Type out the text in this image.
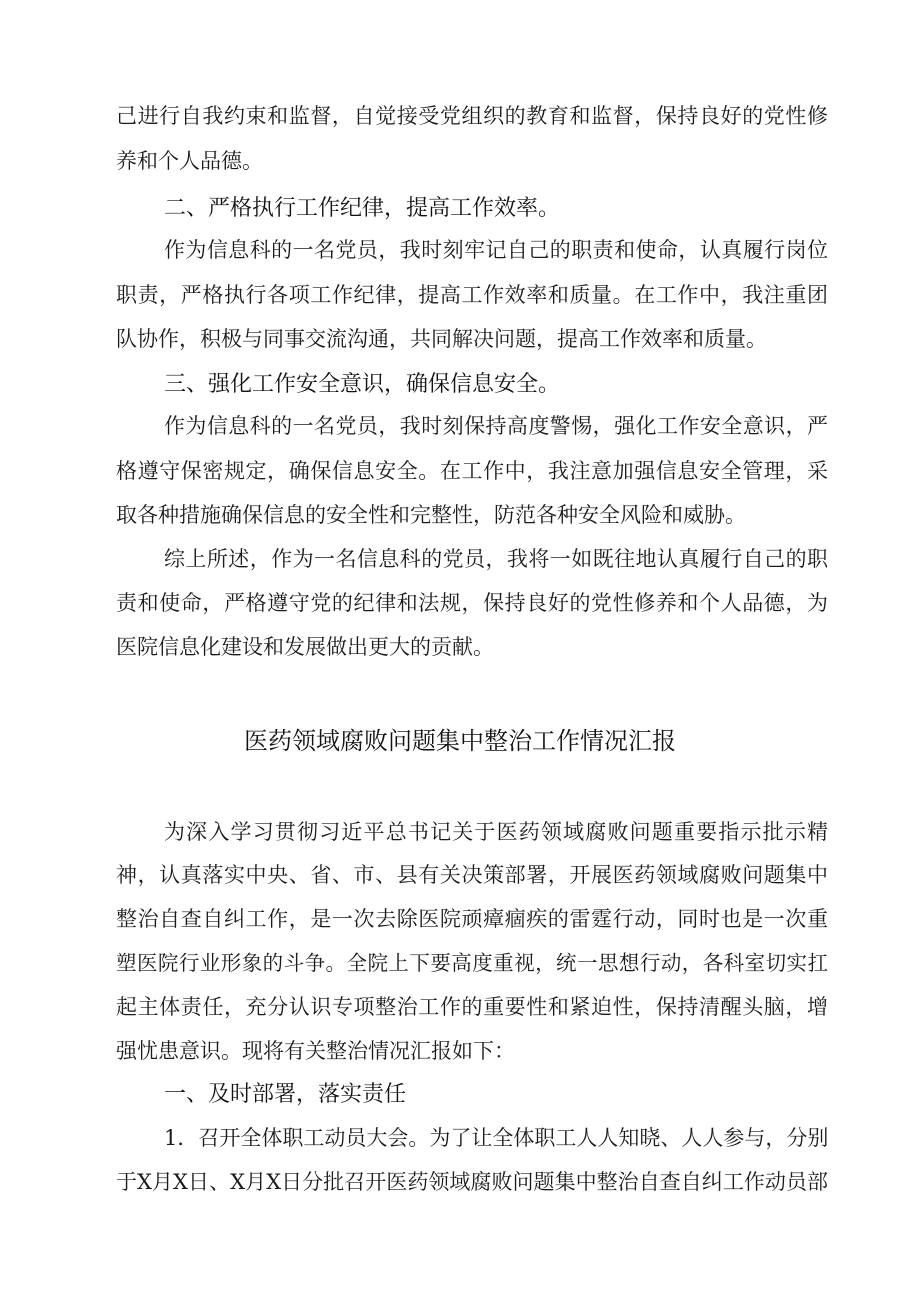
己进行自我约束和监督，自觉接受党组织的教育和监督，保持良好的党性修
养和个人品德。
二、严格执行工作纪律，提高工作效率。
作为信息科的一名党员，我时刻牢记自己的职责和使命，认真履行岗位
职责，严格执行各项工作纪律，提高工作效率和质量。在工作中，我注重团
队协作，积极与同事交流沟通，共同解决问题，提高工作效率和质量。
三、强化工作安全意识，确保信息安全。
作为信息科的一名党员，我时刻保持高度警惕，强化工作安全意识，严
格遵守保密规定，确保信息安全。在工作中，我注意加强信息安全管理，采
取各种措施确保信息的安全性和完整性，防范各种安全风险和威胁。
综上所述，作为一名信息科的党员，我将一如既往地认真履行自己的职
责和使命，严格遵守党的纪律和法规，保持良好的党性修养和个人品德，为
医院信息化建设和发展做出更大的贡献。
医药领域腐败问题集中整治工作情况汇报
为深入学习贯彻习近平总书记关于医药领域腐败问题重要指示批示精
神，认真落实中央、省、市、县有关决策部署，开展医药领域腐败问题集中
整治自查自纠工作，是一次去除医院顽瘴痼疾的雷霆行动，同时也是一次重
塑医院行业形象的斗争。全院上下要高度重视，统一思想行动，各科室切实扛
起主体责任，充分认识专项整治工作的重要性和紧迫性，保持清醒头脑，增
强忧患意识。现将有关整治情况汇报如下：
一、及时部署，落实责任
1．召开全体职工动员大会。为了让全体职工人人知晓、人人参与，分别
于X月X日、X月X日分批召开医药领域腐败问题集中整治自查自纠工作动员部
